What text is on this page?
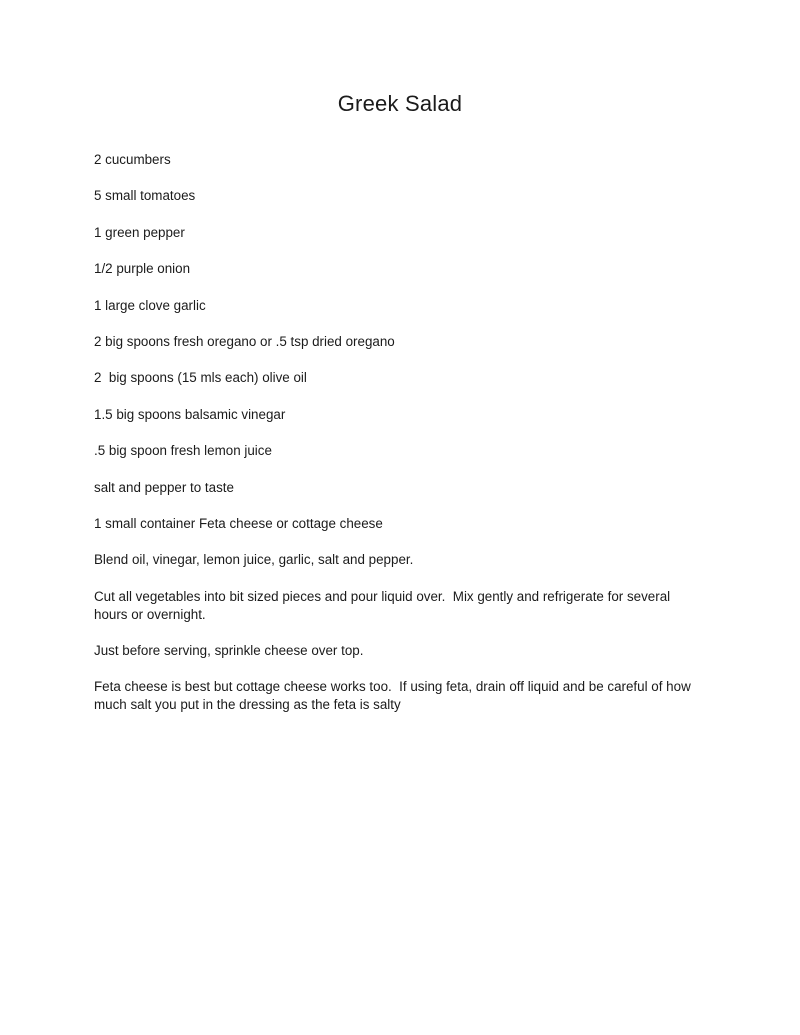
Greek Salad

2 cucumbers

5 small tomatoes

1 green pepper

1/2 purple onion

1 large clove garlic

2 big spoons fresh oregano or .5 tsp dried oregano

2  big spoons (15 mls each) olive oil

1.5 big spoons balsamic vinegar

.5 big spoon fresh lemon juice

salt and pepper to taste

1 small container Feta cheese or cottage cheese

Blend oil, vinegar, lemon juice, garlic, salt and pepper.

Cut all vegetables into bit sized pieces and pour liquid over.  Mix gently and refrigerate for several hours or overnight.

Just before serving, sprinkle cheese over top.

Feta cheese is best but cottage cheese works too.  If using feta, drain off liquid and be careful of how much salt you put in the dressing as the feta is salty
